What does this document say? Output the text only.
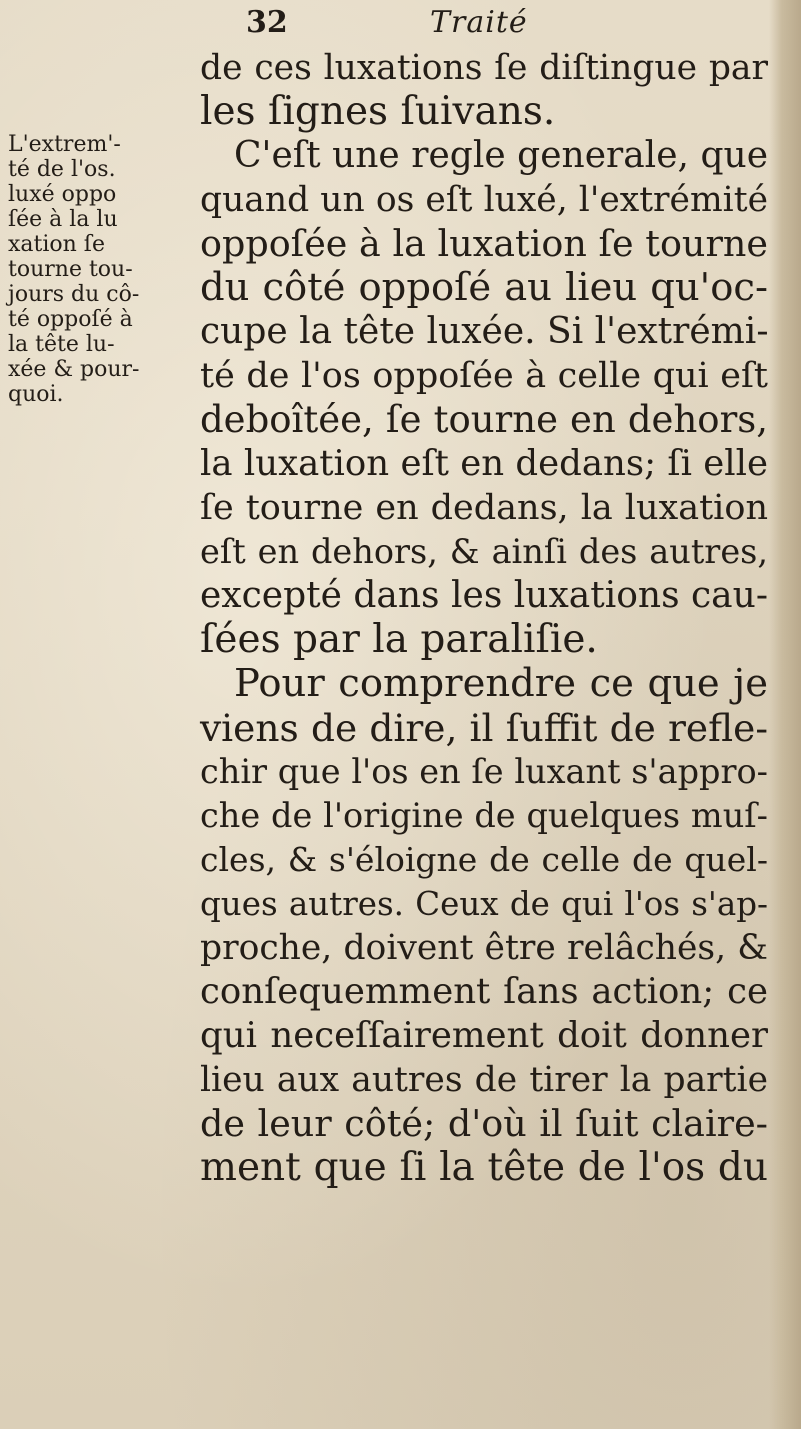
32	Traité
L'extrem'-
té de l'os.
luxé oppo
ſée à la lu
xation ſe
tourne tou-
jours du cô-
té oppoſé à
la tête lu-
xée & pour-
quoi.
de ces luxations ſe diſtingue par
les ſignes ſuivans.
C'eſt une regle generale, que
quand un os eſt luxé, l'extrémité
oppoſée à la luxation ſe tourne
du côté oppoſé au lieu qu'oc-
cupe la tête luxée. Si l'extrémi-
té de l'os oppoſée à celle qui eſt
deboîtée, ſe tourne en dehors,
la luxation eſt en dedans; ſi elle
ſe tourne en dedans, la luxation
eſt en dehors, & ainſi des autres,
excepté dans les luxations cau-
ſées par la paraliſie.
Pour comprendre ce que je
viens de dire, il ſuffit de refle-
chir que l'os en ſe luxant s'appro-
che de l'origine de quelques muſ-
cles, & s'éloigne de celle de quel-
ques autres. Ceux de qui l'os s'ap-
proche, doivent être relâchés, &
conſequemment ſans action; ce
qui neceſſairement doit donner
lieu aux autres de tirer la partie
de leur côté; d'où il ſuit claire-
ment que ſi la tête de l'os du
